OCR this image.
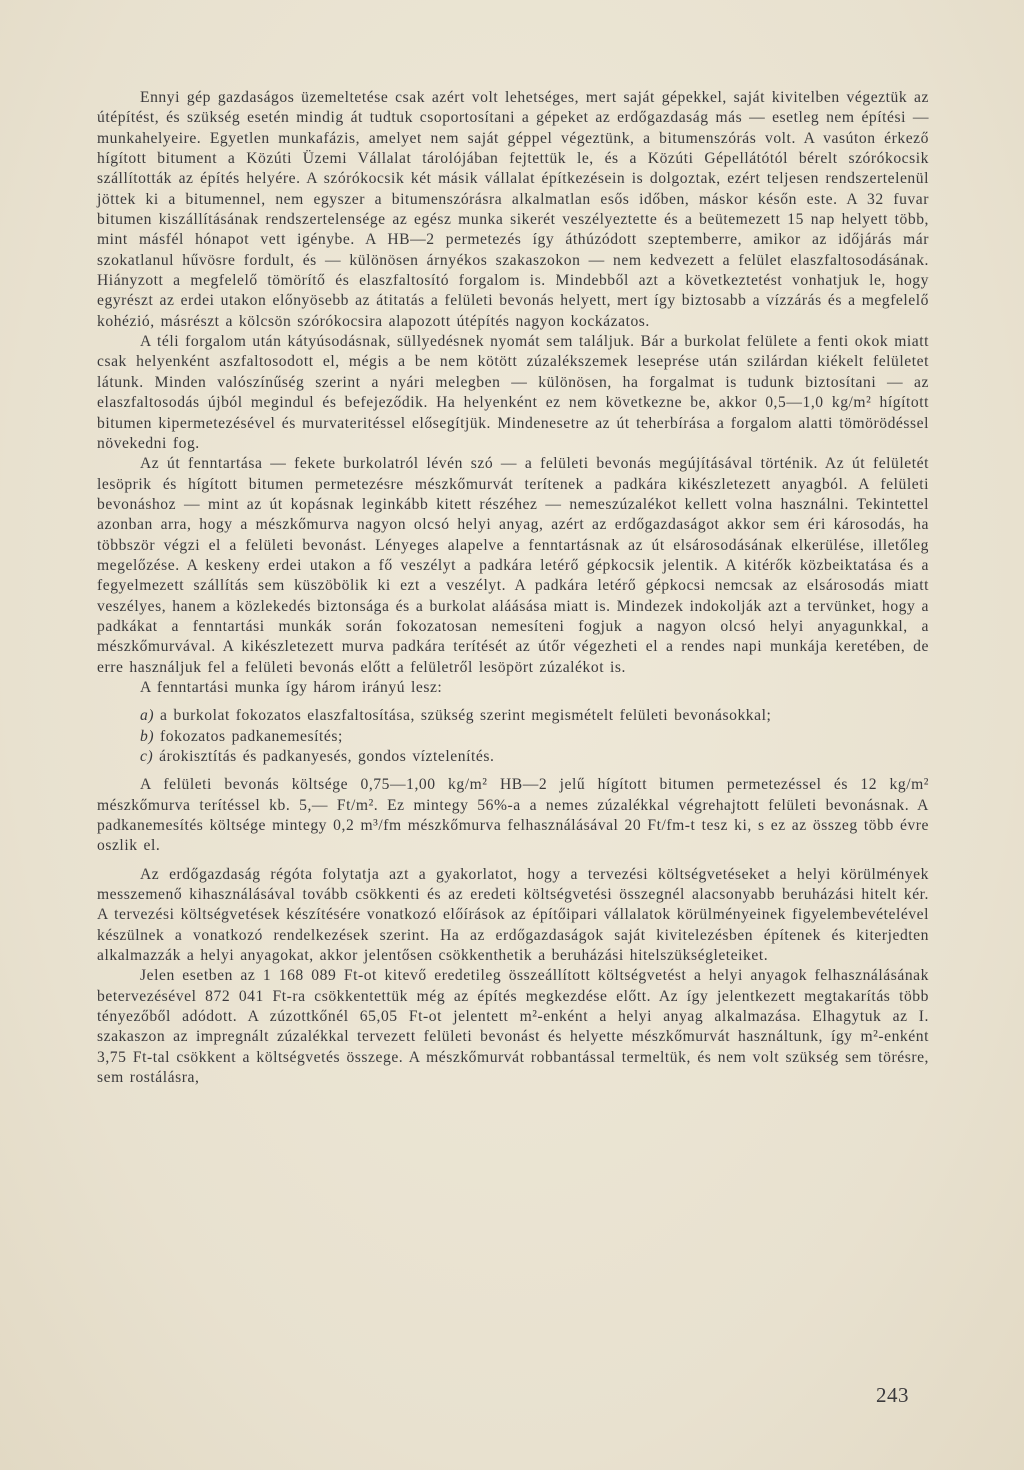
Ennyi gép gazdaságos üzemeltetése csak azért volt lehetséges, mert saját gépekkel, saját kivitelben végeztük az útépítést, és szükség esetén mindig át tudtuk csoportosítani a gépeket az erdőgazdaság más — esetleg nem építési — munkahelyeire. Egyetlen munkafázis, amelyet nem saját géppel végeztünk, a bitumenszórás volt. A vasúton érkező hígított bitument a Közúti Üzemi Vállalat tárolójában fejtettük le, és a Közúti Gépellátótól bérelt szórókocsik szállították az építés helyére. A szórókocsik két másik vállalat építkezésein is dolgoztak, ezért teljesen rendszertelenül jöttek ki a bitumennel, nem egyszer a bitumenszórásra alkalmatlan esős időben, máskor későn este. A 32 fuvar bitumen kiszállításának rendszertelensége az egész munka sikerét veszélyeztette és a beütemezett 15 nap helyett több, mint másfél hónapot vett igénybe. A HB—2 permetezés így áthúzódott szeptemberre, amikor az időjárás már szokatlanul hűvösre fordult, és — különösen árnyékos szakaszokon — nem kedvezett a felület elaszfaltosodásának. Hiányzott a megfelelő tömörítő és elaszfaltosító forgalom is. Mindebből azt a következtetést vonhatjuk le, hogy egyrészt az erdei utakon előnyösebb az átitatás a felületi bevonás helyett, mert így biztosabb a vízzárás és a megfelelő kohézió, másrészt a kölcsön szórókocsira alapozott útépítés nagyon kockázatos.

A téli forgalom után kátyúsodásnak, süllyedésnek nyomát sem találjuk. Bár a burkolat felülete a fenti okok miatt csak helyenként aszfaltosodott el, mégis a be nem kötött zúzalékszemek leseprése után szilárdan kiékelt felületet látunk. Minden valószínűség szerint a nyári melegben — különösen, ha forgalmat is tudunk biztosítani — az elaszfaltosodás újból megindul és befejeződik. Ha helyenként ez nem következne be, akkor 0,5—1,0 kg/m² hígított bitumen kipermetezésével és murvateritéssel elősegítjük. Mindenesetre az út teherbírása a forgalom alatti tömörödéssel növekedni fog.

Az út fenntartása — fekete burkolatról lévén szó — a felületi bevonás megújításával történik. Az út felületét lesöprik és hígított bitumen permetezésre mészkőmurvát terítenek a padkára kikészletezett anyagból. A felületi bevonáshoz — mint az út kopásnak leginkább kitett részéhez — nemeszúzalékot kellett volna használni. Tekintettel azonban arra, hogy a mészkőmurva nagyon olcsó helyi anyag, azért az erdőgazdaságot akkor sem éri károsodás, ha többször végzi el a felületi bevonást. Lényeges alapelve a fenntartásnak az út elsárosodásának elkerülése, illetőleg megelőzése. A keskeny erdei utakon a fő veszélyt a padkára letérő gépkocsik jelentik. A kitérők közbeiktatása és a fegyelmezett szállítás sem küszöbölik ki ezt a veszélyt. A padkára letérő gépkocsi nemcsak az elsárosodás miatt veszélyes, hanem a közlekedés biztonsága és a burkolat aláásása miatt is. Mindezek indokolják azt a tervünket, hogy a padkákat a fenntartási munkák során fokozatosan nemesíteni fogjuk a nagyon olcsó helyi anyagunkkal, a mészkőmurvával. A kikészletezett murva padkára terítését az útőr végezheti el a rendes napi munkája keretében, de erre használjuk fel a felületi bevonás előtt a felületről lesöpört zúzalékot is.

A fenntartási munka így három irányú lesz:

a) a burkolat fokozatos elaszfaltosítása, szükség szerint megismételt felületi bevonásokkal;

b) fokozatos padkanemesítés;

c) árokisztítás és padkanyesés, gondos víztelenítés.

A felületi bevonás költsége 0,75—1,00 kg/m² HB—2 jelű hígított bitumen permetezéssel és 12 kg/m² mészkőmurva terítéssel kb. 5,— Ft/m². Ez mintegy 56%-a a nemes zúzalékkal végrehajtott felületi bevonásnak. A padkanemesítés költsége mintegy 0,2 m³/fm mészkőmurva felhasználásával 20 Ft/fm-t tesz ki, s ez az összeg több évre oszlik el.

Az erdőgazdaság régóta folytatja azt a gyakorlatot, hogy a tervezési költségvetéseket a helyi körülmények messzemenő kihasználásával tovább csökkenti és az eredeti költségvetési összegnél alacsonyabb beruházási hitelt kér. A tervezési költségvetések készítésére vonatkozó előírások az építőipari vállalatok körülményeinek figyelembevételével készülnek a vonatkozó rendelkezések szerint. Ha az erdőgazdaságok saját kivitelezésben építenek és kiterjedten alkalmazzák a helyi anyagokat, akkor jelentősen csökkenthetik a beruházási hitelszükségleteiket.

Jelen esetben az 1 168 089 Ft-ot kitevő eredetileg összeállított költségvetést a helyi anyagok felhasználásának betervezésével 872 041 Ft-ra csökkentettük még az építés megkezdése előtt. Az így jelentkezett megtakarítás több tényezőből adódott. A zúzottkőnél 65,05 Ft-ot jelentett m²-enként a helyi anyag alkalmazása. Elhagytuk az I. szakaszon az impregnált zúzalékkal tervezett felületi bevonást és helyette mészkőmurvát használtunk, így m²-enként 3,75 Ft-tal csökkent a költségvetés összege. A mészkőmurvát robbantással termeltük, és nem volt szükség sem törésre, sem rostálásra,

243
